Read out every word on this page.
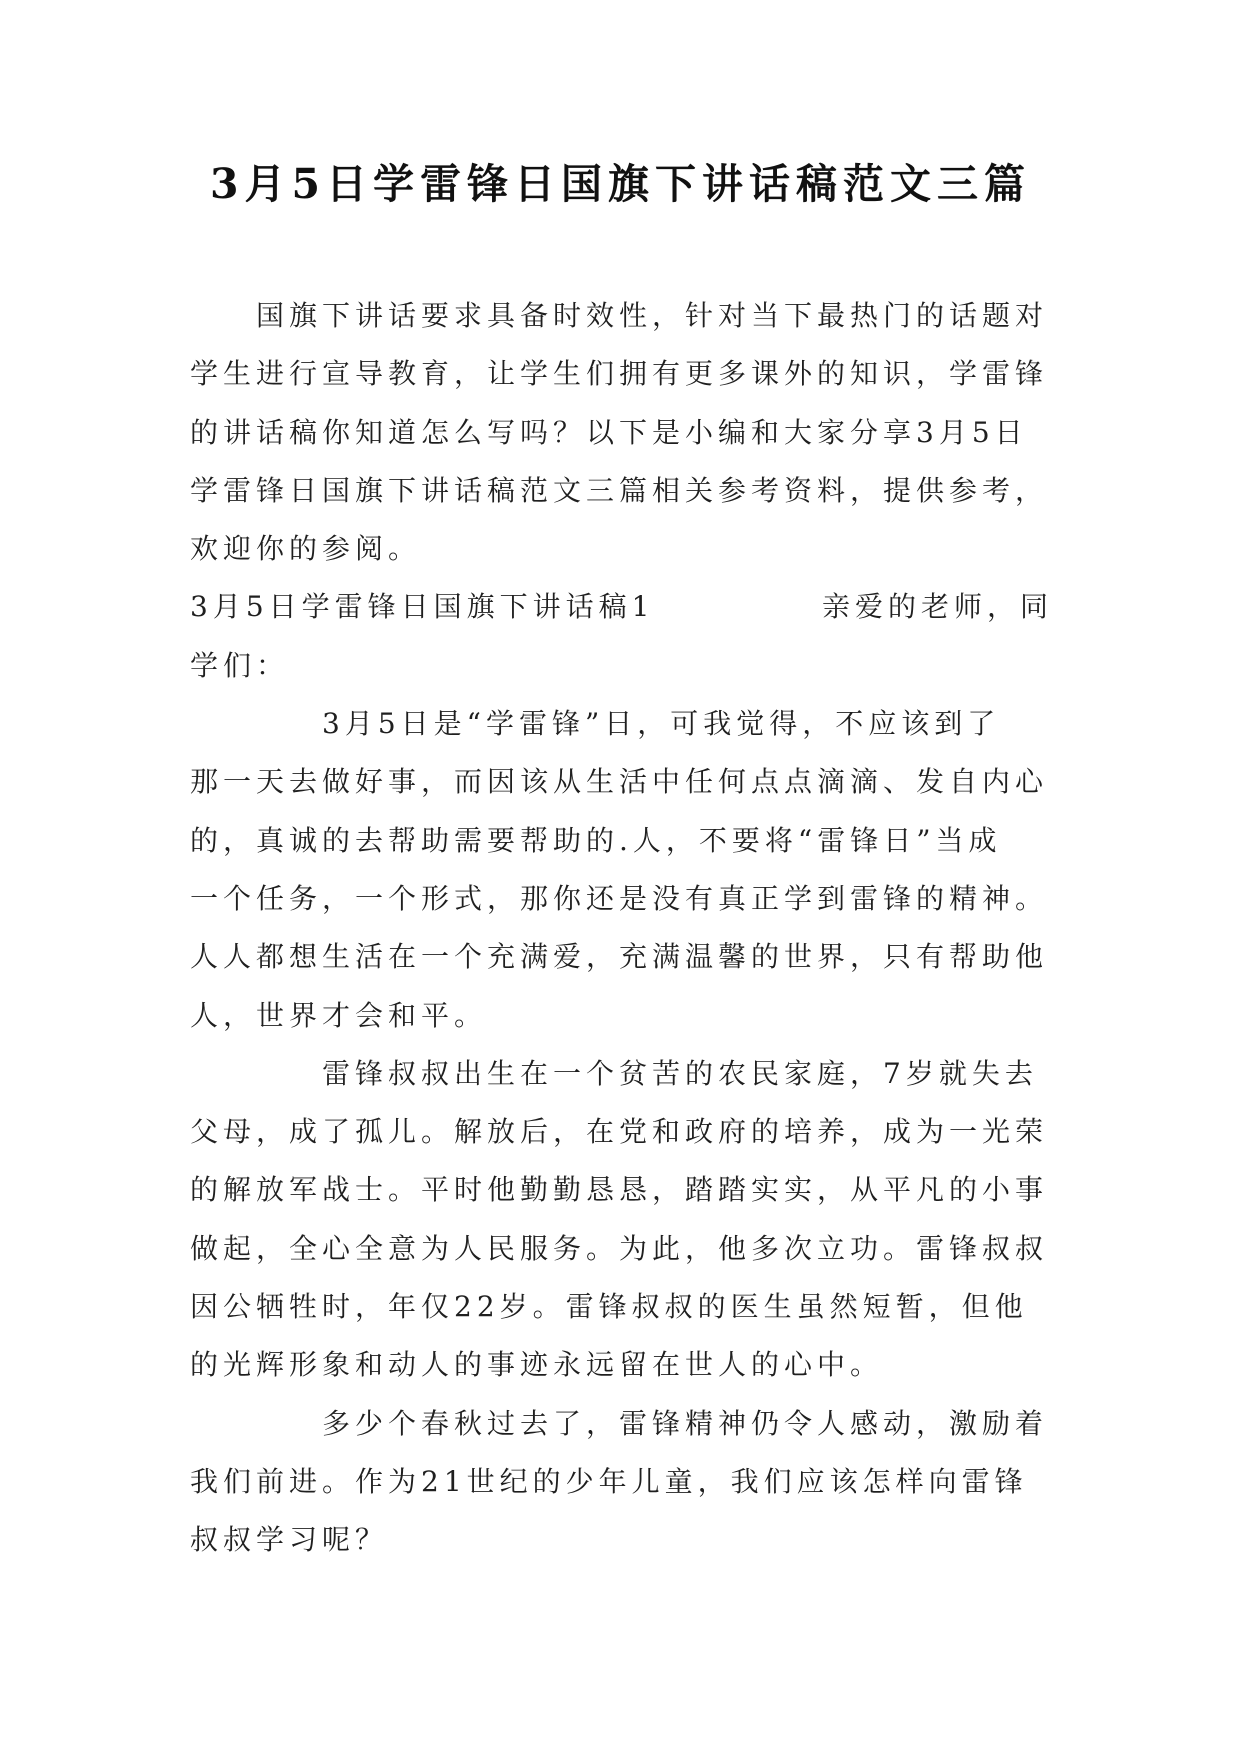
3月5日学雷锋日国旗下讲话稿范文三篇
国旗下讲话要求具备时效性，针对当下最热门的话题对
学生进行宣导教育，让学生们拥有更多课外的知识，学雷锋
的讲话稿你知道怎么写吗？以下是小编和大家分享3月5日
学雷锋日国旗下讲话稿范文三篇相关参考资料，提供参考，
欢迎你的参阅。
3月5日学雷锋日国旗下讲话稿1	亲爱的老师，同
学们：
3月5日是“学雷锋”日，可我觉得，不应该到了
那一天去做好事，而因该从生活中任何点点滴滴、发自内心
的，真诚的去帮助需要帮助的.人，不要将“雷锋日”当成
一个任务，一个形式，那你还是没有真正学到雷锋的精神。
人人都想生活在一个充满爱，充满温馨的世界，只有帮助他
人，世界才会和平。
雷锋叔叔出生在一个贫苦的农民家庭，7岁就失去
父母，成了孤儿。解放后，在党和政府的培养，成为一光荣
的解放军战士。平时他勤勤恳恳，踏踏实实，从平凡的小事
做起，全心全意为人民服务。为此，他多次立功。雷锋叔叔
因公牺牲时，年仅22岁。雷锋叔叔的医生虽然短暂，但他
的光辉形象和动人的事迹永远留在世人的心中。
多少个春秋过去了，雷锋精神仍令人感动，激励着
我们前进。作为21世纪的少年儿童，我们应该怎样向雷锋
叔叔学习呢？
